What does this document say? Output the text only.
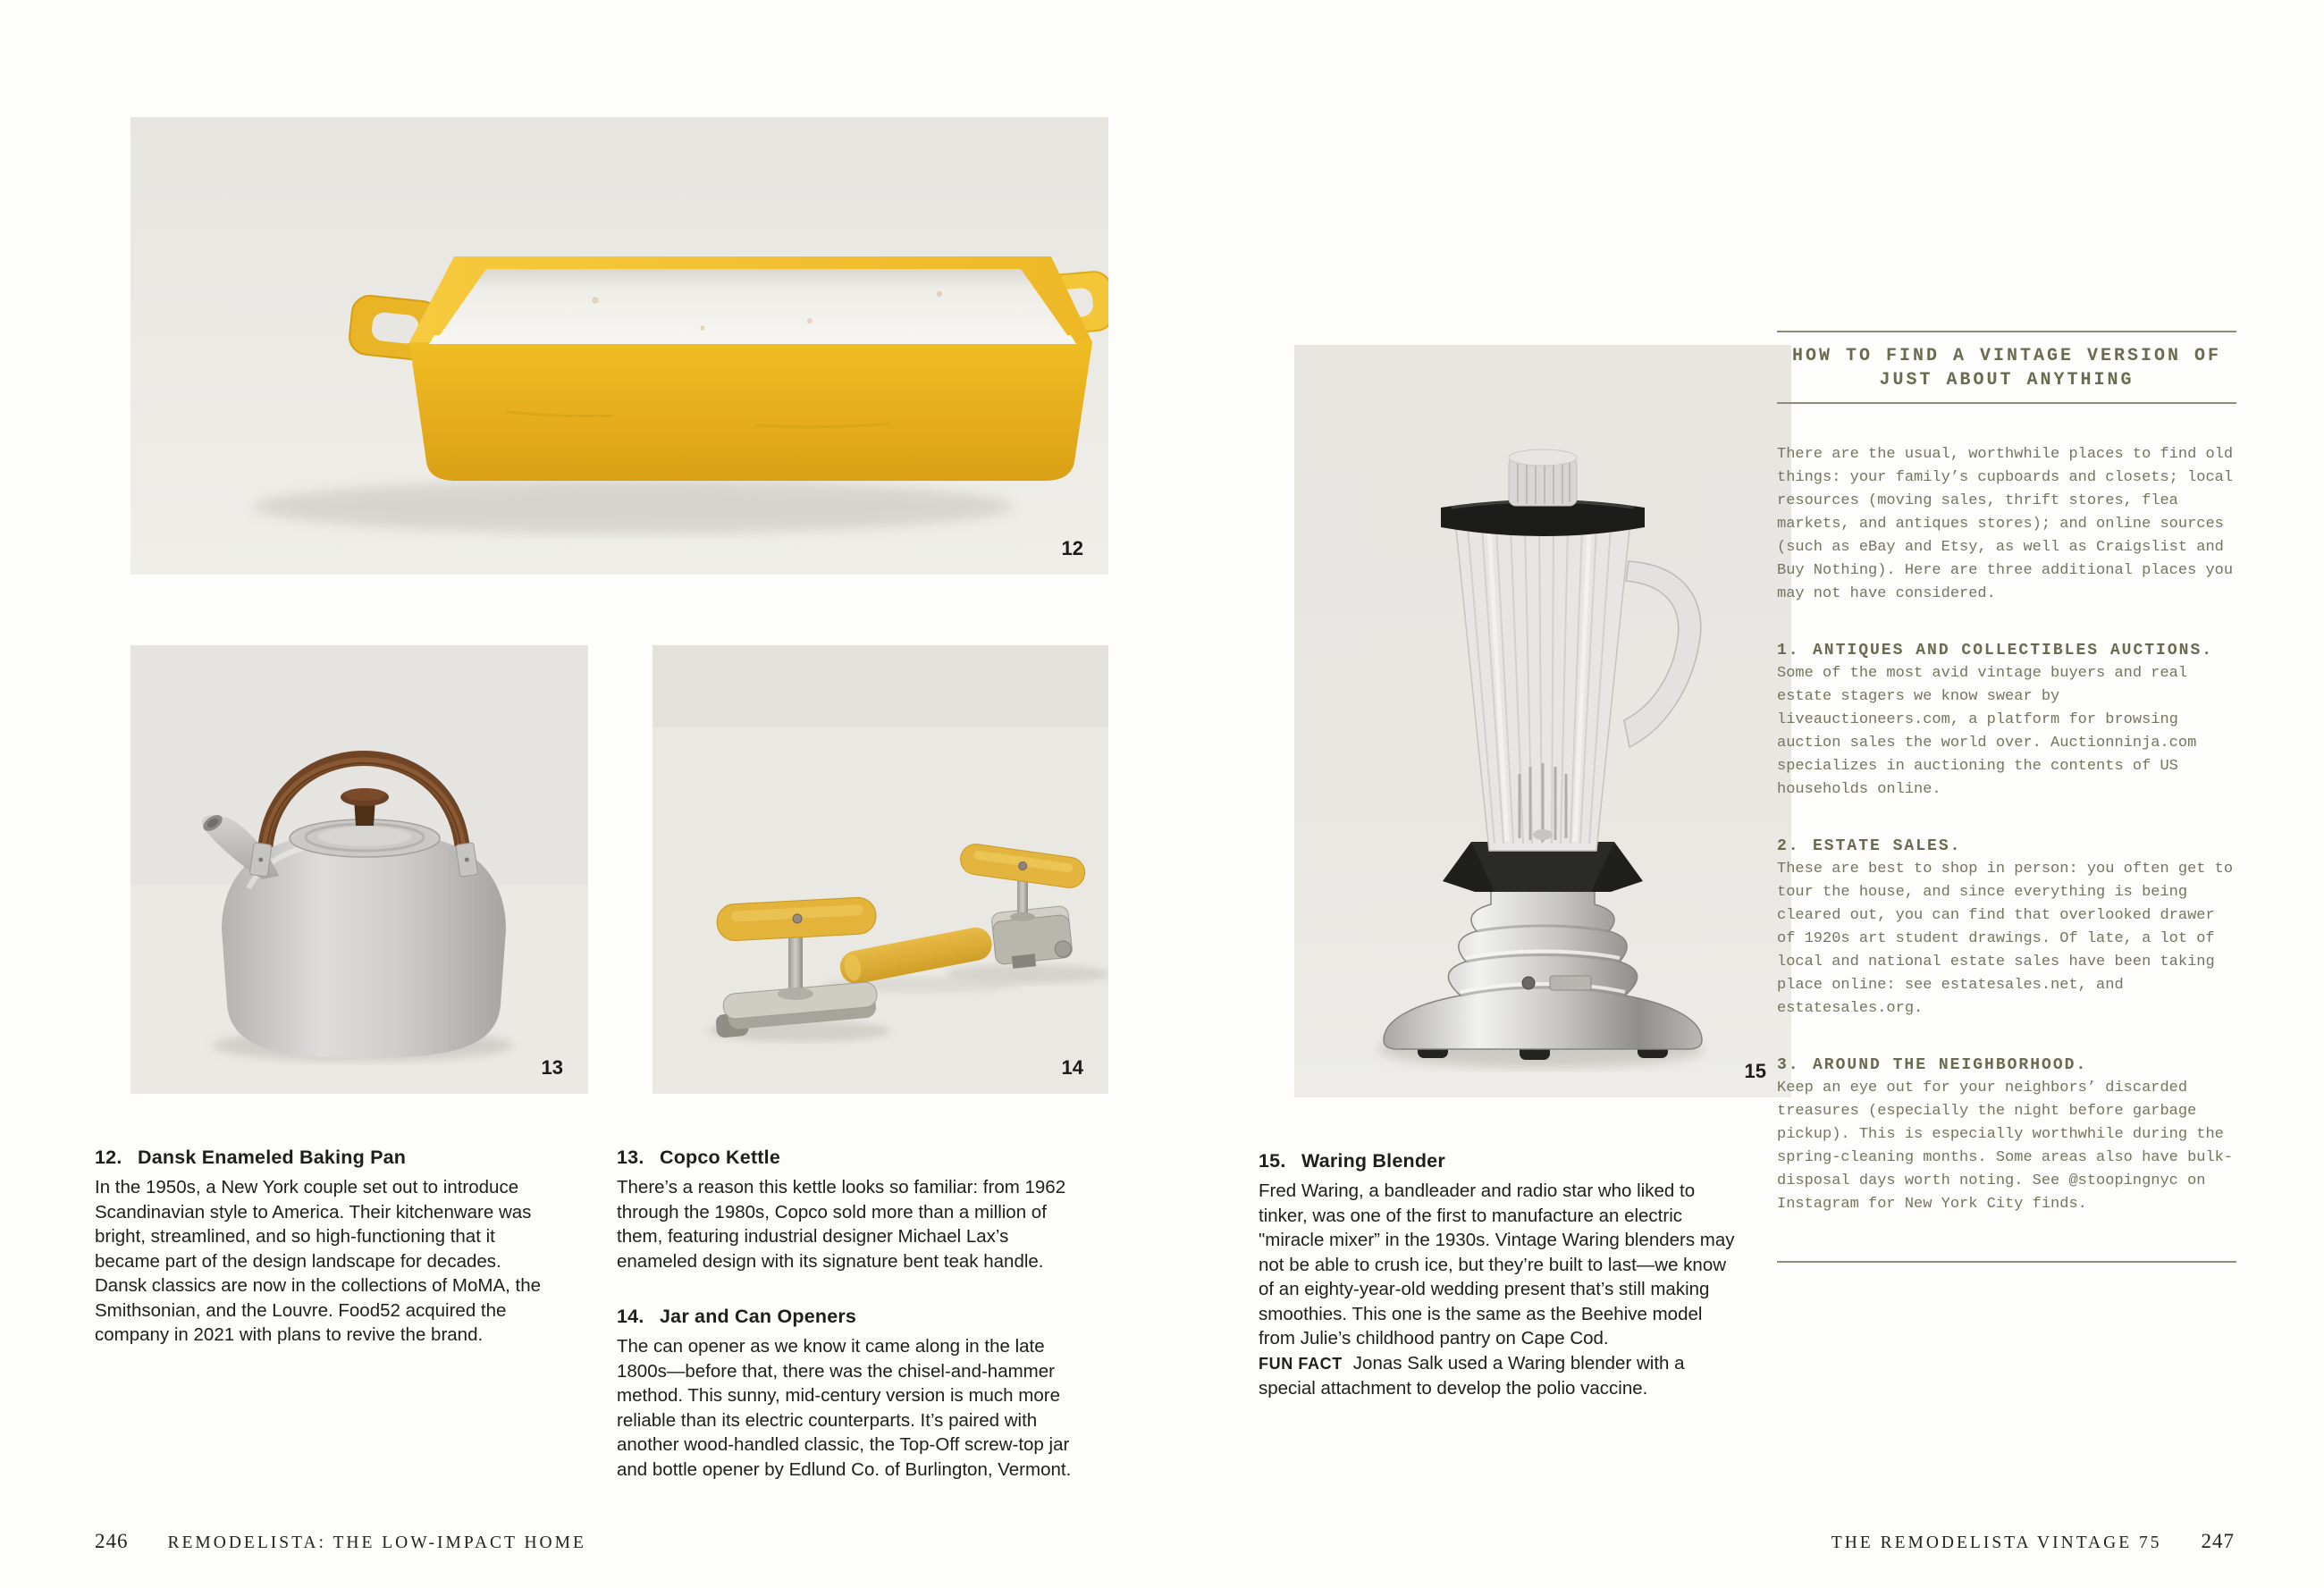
12
13	14	15
12. Dansk Enameled Baking Pan

In the 1950s, a New York couple set out to introduce Scandinavian style to America. Their kitchenware was bright, streamlined, and so high-functioning that it became part of the design landscape for decades. Dansk classics are now in the collections of MoMA, the Smithsonian, and the Louvre. Food52 acquired the company in 2021 with plans to revive the brand.

13. Copco Kettle

There’s a reason this kettle looks so familiar: from 1962 through the 1980s, Copco sold more than a million of them, featuring industrial designer Michael Lax’s enameled design with its signature bent teak handle.

14. Jar and Can Openers

The can opener as we know it came along in the late 1800s—before that, there was the chisel-and-hammer method. This sunny, mid-century version is much more reliable than its electric counterparts. It’s paired with another wood-handled classic, the Top-Off screw-top jar and bottle opener by Edlund Co. of Burlington, Vermont.

15. Waring Blender

Fred Waring, a bandleader and radio star who liked to tinker, was one of the first to manufacture an electric "miracle mixer” in the 1930s. Vintage Waring blenders may not be able to crush ice, but they’re built to last—we know of an eighty-year-old wedding present that’s still making smoothies. This one is the same as the Beehive model from Julie’s childhood pantry on Cape Cod.

FUN FACT Jonas Salk used a Waring blender with a special attachment to develop the polio vaccine.

HOW TO FIND A VINTAGE VERSION OF
JUST ABOUT ANYTHING

There are the usual, worthwhile places to find old things: your family’s cupboards and closets; local resources (moving sales, thrift stores, flea markets, and antiques stores); and online sources (such as eBay and Etsy, as well as Craigslist and Buy Nothing). Here are three additional places you may not have considered.

1. ANTIQUES AND COLLECTIBLES AUCTIONS.

Some of the most avid vintage buyers and real estate stagers we know swear by liveauctioneers.com, a platform for browsing auction sales the world over. Auctionninja.com specializes in auctioning the contents of US households online.

2. ESTATE SALES.

These are best to shop in person: you often get to tour the house, and since everything is being cleared out, you can find that overlooked drawer of 1920s art student drawings. Of late, a lot of local and national estate sales have been taking place online: see estatesales.net, and estatesales.org.

3. AROUND THE NEIGHBORHOOD.

Keep an eye out for your neighbors’ discarded treasures (especially the night before garbage pickup). This is especially worthwhile during the spring-cleaning months. Some areas also have bulk-disposal days worth noting. See @stoopingnyc on Instagram for New York City finds.

246 REMODELISTA: THE LOW-IMPACT HOME	THE REMODELISTA VINTAGE 75 247
